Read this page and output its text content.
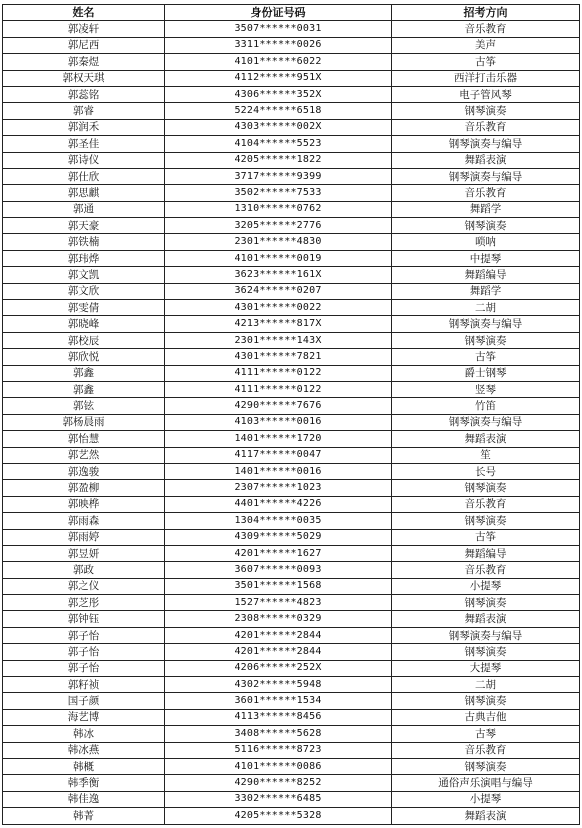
姓名	身份证号码	招考方向
郭凌轩	3507******0031	音乐教育
郭尼西	3311******0026	美声
郭秦煜	4101******6022	古筝
郭权天琪	4112******951X	西洋打击乐器
郭蕊铭	4306******352X	电子管风琴
郭睿	5224******6518	钢琴演奏
郭润禾	4303******002X	音乐教育
郭圣佳	4104******5523	钢琴演奏与编导
郭诗仪	4205******1822	舞蹈表演
郭仕欣	3717******9399	钢琴演奏与编导
郭思麒	3502******7533	音乐教育
郭通	1310******0762	舞蹈学
郭天豪	3205******2776	钢琴演奏
郭铁楠	2301******4830	唢呐
郭玮烨	4101******0019	中提琴
郭文凯	3623******161X	舞蹈编导
郭文欣	3624******0207	舞蹈学
郭雯倩	4301******0022	二胡
郭晓峰	4213******817X	钢琴演奏与编导
郭校辰	2301******143X	钢琴演奏
郭欣悦	4301******7821	古筝
郭鑫	4111******0122	爵士钢琴
郭鑫	4111******0122	竖琴
郭铉	4290******7676	竹笛
郭杨晨雨	4103******0016	钢琴演奏与编导
郭怡慧	1401******1720	舞蹈表演
郭艺然	4117******0047	笙
郭逸骏	1401******0016	长号
郭盈柳	2307******1023	钢琴演奏
郭映桦	4401******4226	音乐教育
郭雨森	1304******0035	钢琴演奏
郭雨婷	4309******5029	古筝
郭昱妍	4201******1627	舞蹈编导
郭政	3607******0093	音乐教育
郭之仪	3501******1568	小提琴
郭芝彤	1527******4823	钢琴演奏
郭钟钰	2308******0329	舞蹈表演
郭子怡	4201******2844	钢琴演奏与编导
郭子怡	4201******2844	钢琴演奏
郭子怡	4206******252X	大提琴
郭籽祯	4302******5948	二胡
国子颜	3601******1534	钢琴演奏
海艺博	4113******8456	古典吉他
韩冰	3408******5628	古琴
韩冰燕	5116******8723	音乐教育
韩概	4101******0086	钢琴演奏
韩季衡	4290******8252	通俗声乐演唱与编导
韩佳逸	3302******6485	小提琴
韩菁	4205******5328	舞蹈表演
